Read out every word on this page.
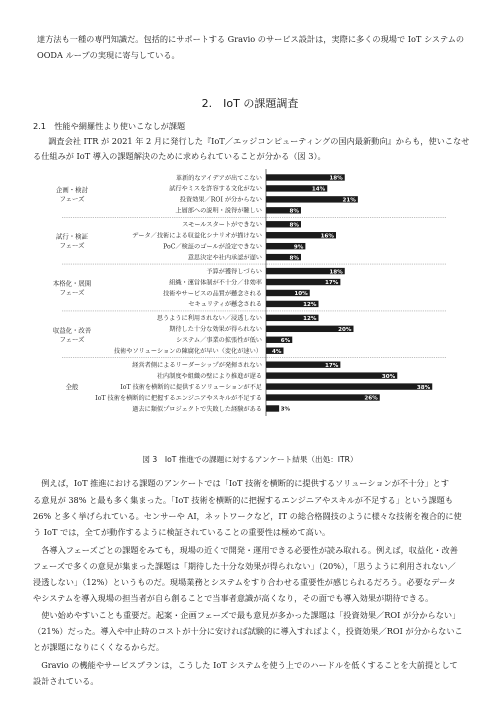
達方法も一種の専門知識だ。包括的にサポートする Gravio のサービス設計は，実際に多くの現場で IoT システムの
OODA ループの実現に寄与している。
2.　IoT の課題調査
2.1　性能や網羅性より使いこなしが課題
　調査会社 ITR が 2021 年 2 月に発行した『IoT／エッジコンピューティングの国内最新動向』からも，使いこなせ
る仕組みが IoT 導入の課題解決のために求められていることが分かる（図 3）。
企画・検討
フェーズ
試行・検証
フェーズ
本格化・展開
フェーズ
収益化・改善
フェーズ
全般
革新的なアイデアが出てこない	18%
試行やミスを許容する文化がない	14%
投資効果／ROI が分からない	21%
上層部への説明・説得が難しい	8%
スモールスタートができない	8%
データ／技術による収益化シナリオが描けない	16%
PoC／検証のゴールが設定できない	9%
意思決定や社内承認が遅い	8%
予算が獲得しづらい	18%
組織・運営体制が不十分／非効率	17%
技術やサービスの品質が懸念される	10%
セキュリティが懸念される	12%
思うように利用されない／浸透しない	12%
期待した十分な効果が得られない	20%
システム／事業の拡張性が低い	6%
技術やソリューションの陳腐化が早い（変化が速い） 4%
経営者側によるリーダーシップが発揮されない	17%
社内制度や組織の壁により推進が遅る	30%
IoT 技術を横断的に提供するソリューションが不足	38%
IoT 技術を横断的に把握するエンジニアやスキルが不足する	26%
過去に類似プロジェクトで失敗した経験がある	3%
図 3　IoT 推進での課題に対するアンケート結果（出処：ITR）
　例えば，IoT 推進における課題のアンケートでは「IoT 技術を横断的に提供するソリューションが不十分」とす
る意見が 38% と最も多く集まった。「IoT 技術を横断的に把握するエンジニアやスキルが不足する」という課題も
26% と多く挙げられている。センサーや AI，ネットワークなど，IT の総合格闘技のように様々な技術を複合的に使
う IoT では，全てが動作するように検証されていることの重要性は極めて高い。
　各導入フェーズごとの課題をみても，現場の近くで開発・運用できる必要性が読み取れる。例えば，収益化・改善
フェーズで多くの意見が集まった課題は「期待した十分な効果が得られない」（20%），「思うように利用されない／
浸透しない」（12%）というものだ。現場業務とシステムをすり合わせる重要性が感じられるだろう。必要なデータ
やシステムを導入現場の担当者が自ら創ることで当事者意識が高くなり，その面でも導入効果が期待できる。
　使い始めやすいことも重要だ。起案・企画フェーズで最も意見が多かった課題は「投資効果／ROI が分からない」
（21%）だった。導入や中止時のコストが十分に安ければ試験的に導入すればよく，投資効果／ROI が分からないこ
とが課題になりにくくなるからだ。
　Gravio の機能やサービスプランは，こうした IoT システムを使う上でのハードルを低くすることを大前提として
設計されている。
